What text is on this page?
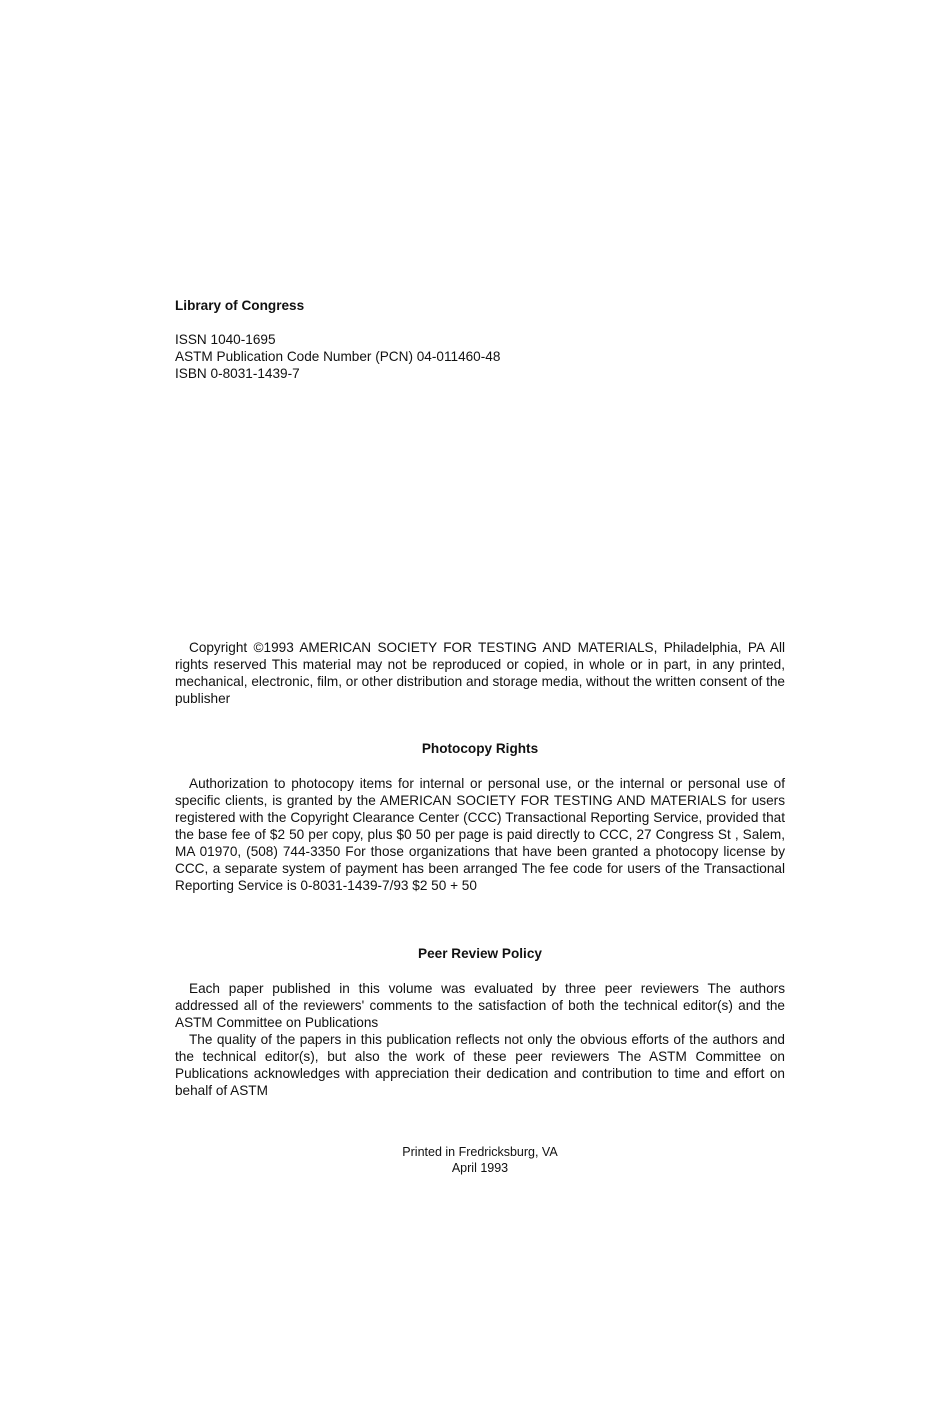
Library of Congress
ISSN 1040-1695
ASTM Publication Code Number (PCN) 04-011460-48
ISBN 0-8031-1439-7

Copyright ©1993 AMERICAN SOCIETY FOR TESTING AND MATERIALS, Philadelphia, PA All rights reserved This material may not be reproduced or copied, in whole or in part, in any printed, mechanical, electronic, film, or other distribution and storage media, without the written consent of the publisher

Photocopy Rights

Authorization to photocopy items for internal or personal use, or the internal or personal use of specific clients, is granted by the AMERICAN SOCIETY FOR TESTING AND MATERIALS for users registered with the Copyright Clearance Center (CCC) Transactional Reporting Service, provided that the base fee of $2 50 per copy, plus $0 50 per page is paid directly to CCC, 27 Congress St , Salem, MA 01970, (508) 744-3350 For those organizations that have been granted a photocopy license by CCC, a separate system of payment has been arranged The fee code for users of the Transactional Reporting Service is 0-8031-1439-7/93 $2 50 + 50

Peer Review Policy

Each paper published in this volume was evaluated by three peer reviewers The authors addressed all of the reviewers' comments to the satisfaction of both the technical editor(s) and the ASTM Committee on Publications

The quality of the papers in this publication reflects not only the obvious efforts of the authors and the technical editor(s), but also the work of these peer reviewers The ASTM Committee on Publications acknowledges with appreciation their dedication and contribution to time and effort on behalf of ASTM

Printed in Fredricksburg, VA
April 1993
